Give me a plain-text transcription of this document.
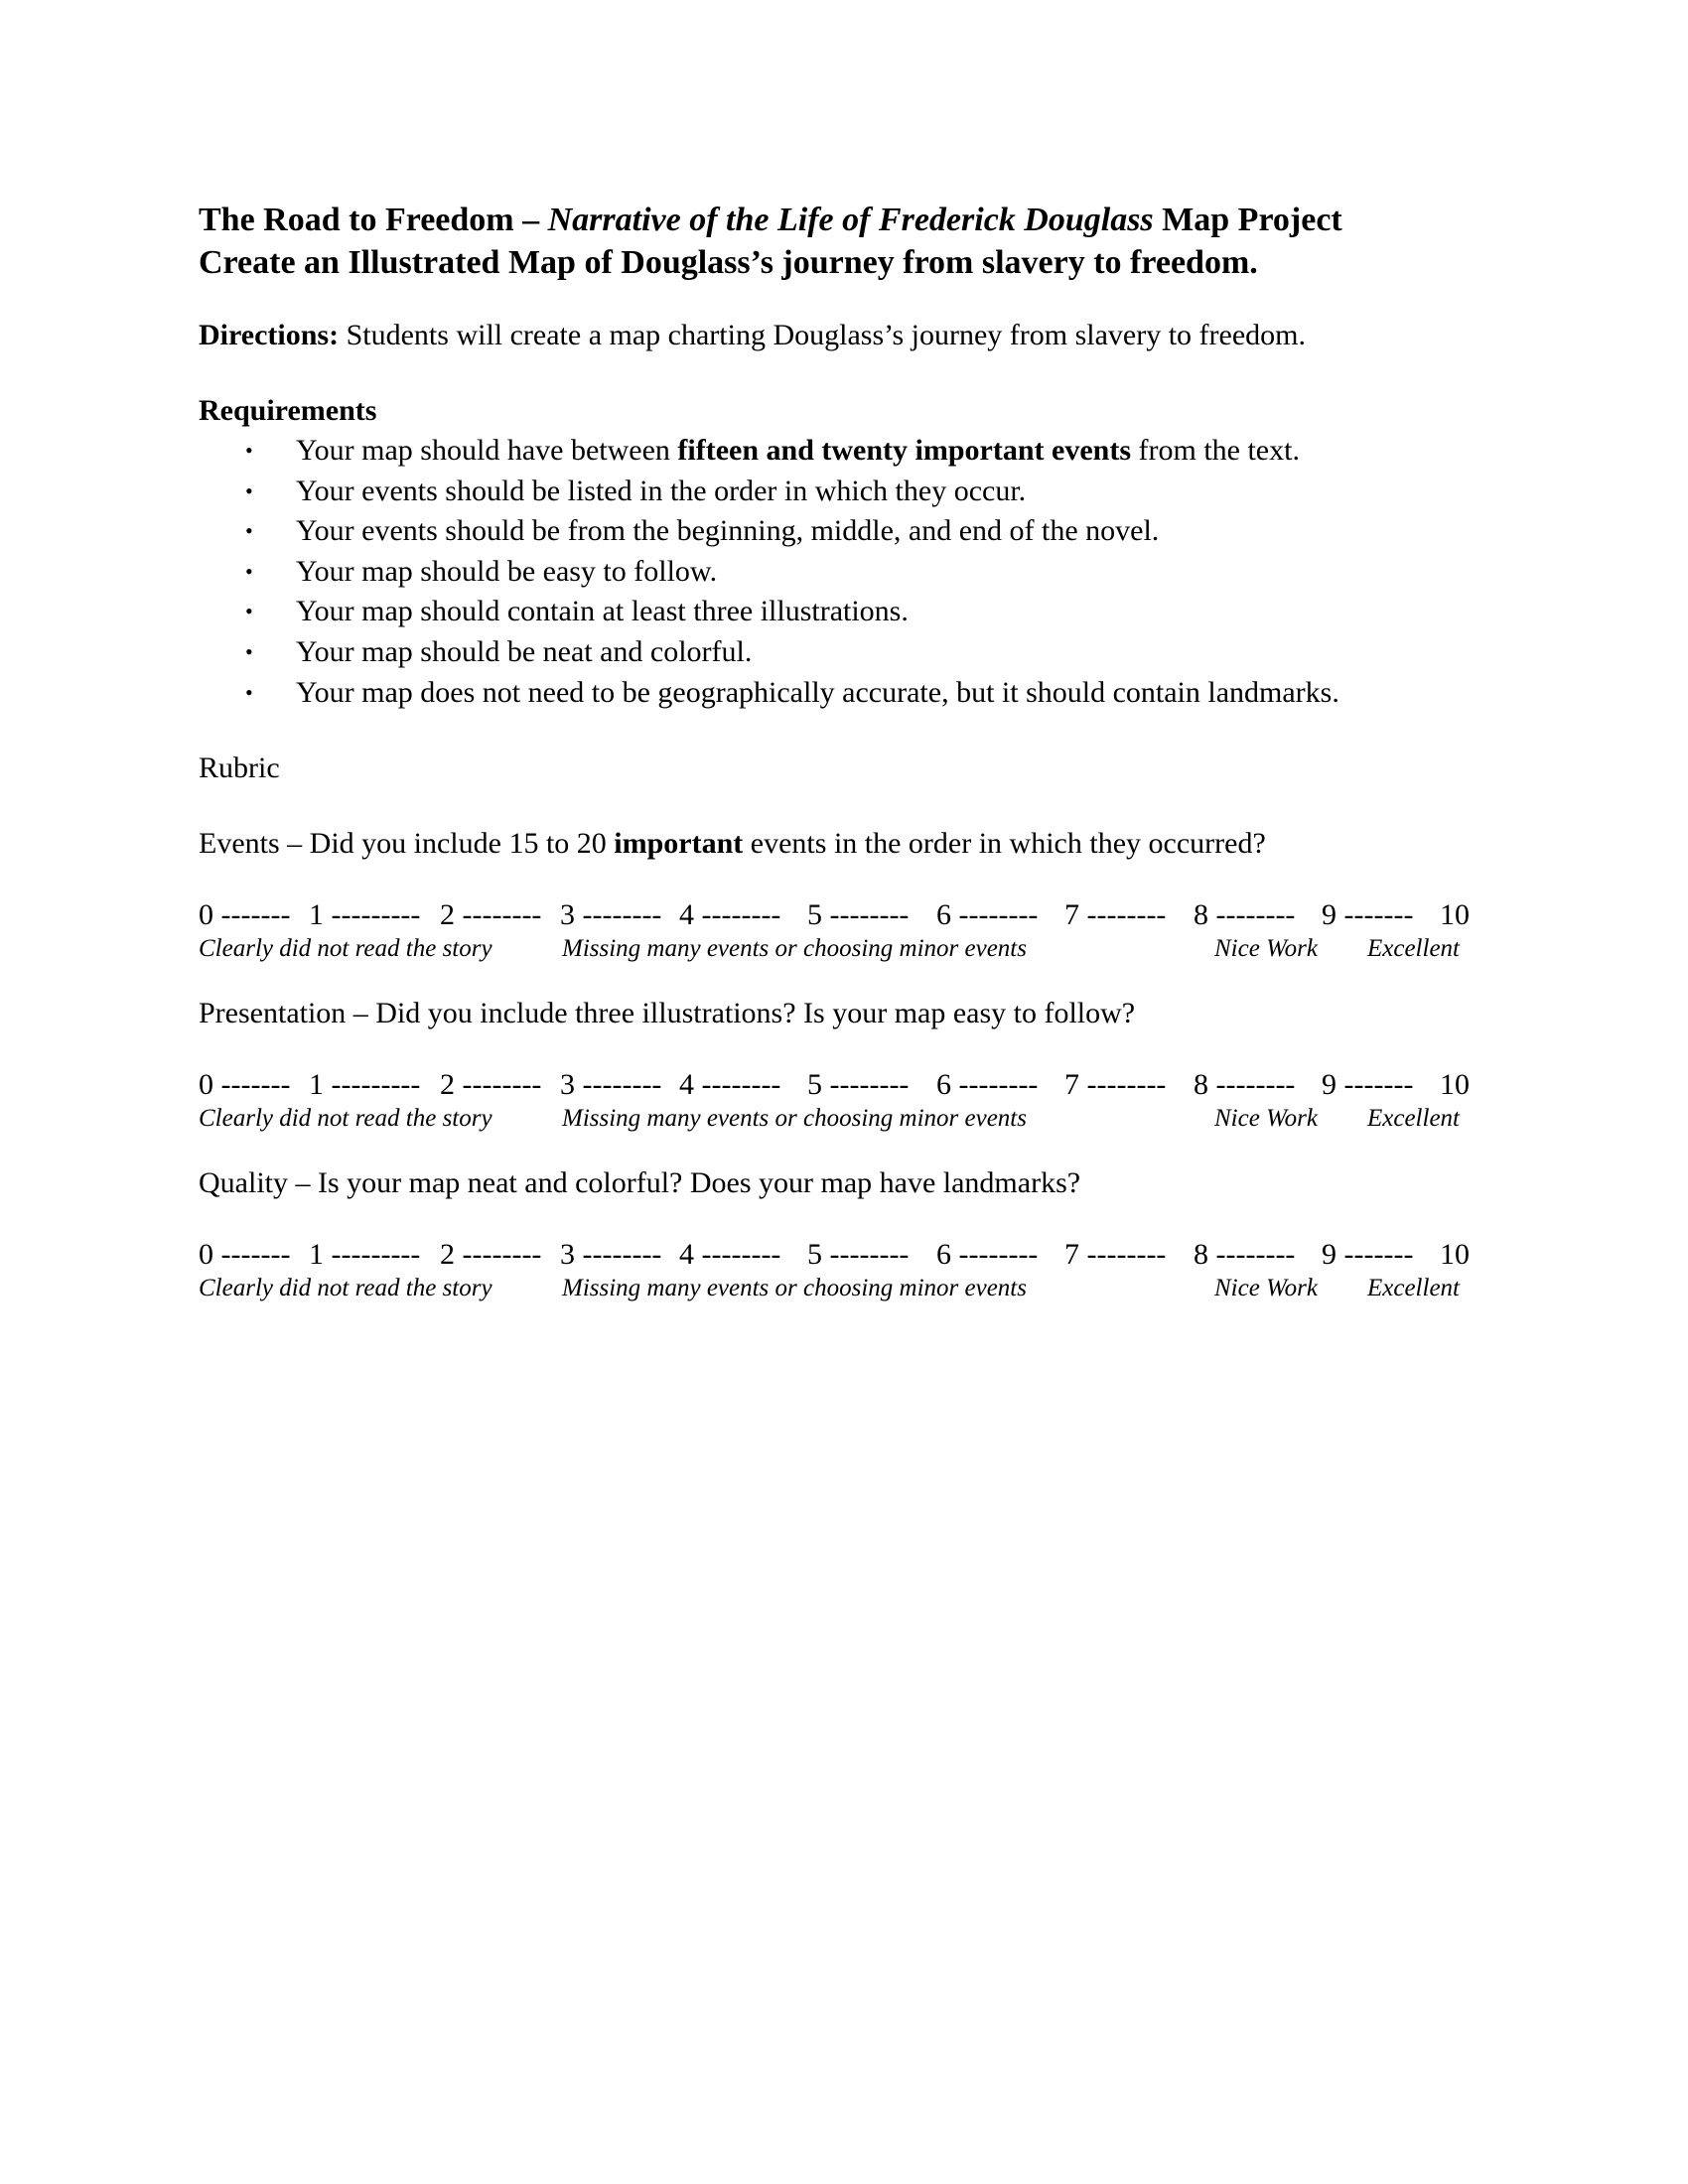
The Road to Freedom – Narrative of the Life of Frederick Douglass Map Project
Create an Illustrated Map of Douglass’s journey from slavery to freedom.
Directions: Students will create a map charting Douglass’s journey from slavery to freedom.
Requirements
• Your map should have between fifteen and twenty important events from the text.
• Your events should be listed in the order in which they occur.
• Your events should be from the beginning, middle, and end of the novel.
• Your map should be easy to follow.
• Your map should contain at least three illustrations.
• Your map should be neat and colorful.
• Your map does not need to be geographically accurate, but it should contain landmarks.
Rubric
Events – Did you include 15 to 20 important events in the order in which they occurred?
0 ------- 1 --------- 2 -------- 3 -------- 4 -------- 5 -------- 6 -------- 7 -------- 8 -------- 9 ------- 10
Clearly did not read the story	Missing many events or choosing minor events	Nice Work Excellent
Presentation – Did you include three illustrations? Is your map easy to follow?
0 ------- 1 --------- 2 -------- 3 -------- 4 -------- 5 -------- 6 -------- 7 -------- 8 -------- 9 ------- 10
Clearly did not read the story	Missing many events or choosing minor events	Nice Work Excellent
Quality – Is your map neat and colorful? Does your map have landmarks?
0 ------- 1 --------- 2 -------- 3 -------- 4 -------- 5 -------- 6 -------- 7 -------- 8 -------- 9 ------- 10
Clearly did not read the story	Missing many events or choosing minor events	Nice Work Excellent
